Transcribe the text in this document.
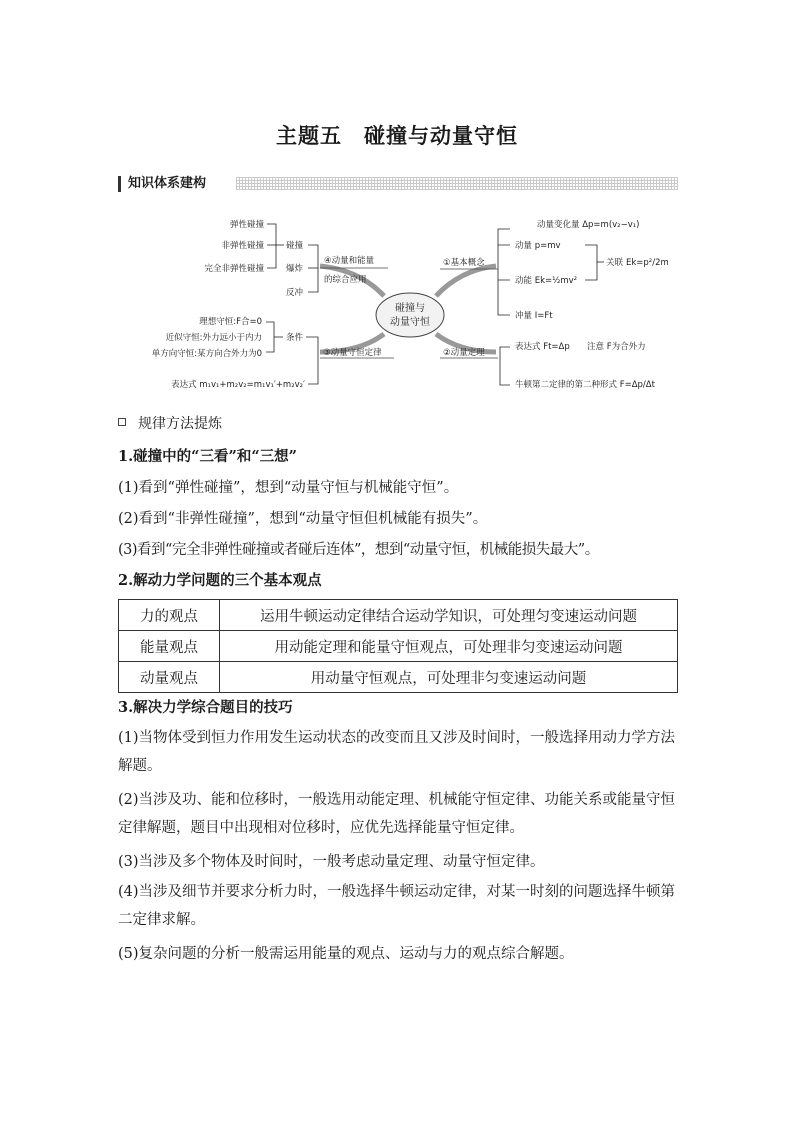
主题五 碰撞与动量守恒
知识体系建构
碰撞与
动量守恒
①基本概念
动量变化量 Δp=m(v₂−v₁)
动量 p=mv
动能 Ek=½mv²
关联 Ek=p²/2m
冲量 I=Ft
②动量定理
表达式 Ft=Δp 注意 F为合外力
牛顿第二定律的第二种形式 F=Δp/Δt
③动量守恒定律
条件
理想守恒:F合=0
近似守恒:外力远小于内力
单方向守恒:某方向合外力为0
表达式 m₁v₁+m₂v₂=m₁v₁′+m₂v₂′
④动量和能量
的综合应用
碰撞
爆炸
反冲
弹性碰撞
非弹性碰撞
完全非弹性碰撞
规律方法提炼
1.碰撞中的“三看”和“三想”
(1)看到“弹性碰撞”，想到“动量守恒与机械能守恒”。
(2)看到“非弹性碰撞”，想到“动量守恒但机械能有损失”。
(3)看到“完全非弹性碰撞或者碰后连体”，想到“动量守恒，机械能损失最大”。
2.解动力学问题的三个基本观点
力的观点	运用牛顿运动定律结合运动学知识，可处理匀变速运动问题
能量观点	用动能定理和能量守恒观点，可处理非匀变速运动问题
动量观点	用动量守恒观点，可处理非匀变速运动问题
3.解决力学综合题目的技巧
(1)当物体受到恒力作用发生运动状态的改变而且又涉及时间时，一般选择用动力学方法解题。
(2)当涉及功、能和位移时，一般选用动能定理、机械能守恒定律、功能关系或能量守恒定律解题，题目中出现相对位移时，应优先选择能量守恒定律。
(3)当涉及多个物体及时间时，一般考虑动量定理、动量守恒定律。
(4)当涉及细节并要求分析力时，一般选择牛顿运动定律，对某一时刻的问题选择牛顿第二定律求解。
(5)复杂问题的分析一般需运用能量的观点、运动与力的观点综合解题。
